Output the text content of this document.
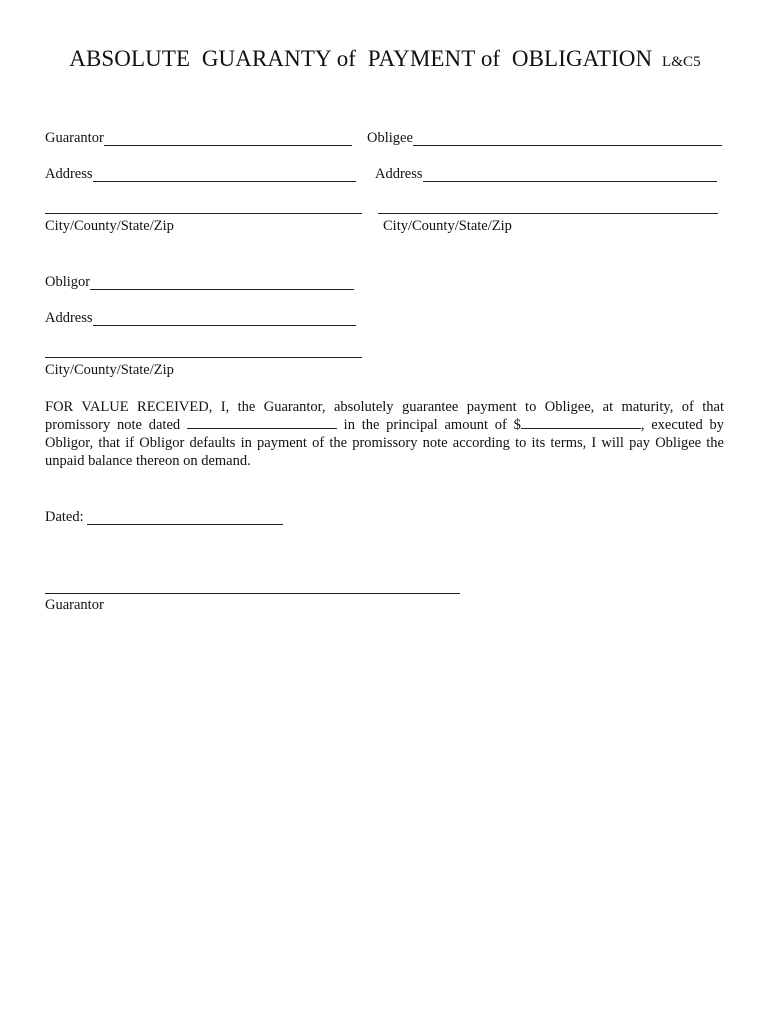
ABSOLUTE  GUARANTY of  PAYMENT of  OBLIGATION L&C5
Guarantor
Address
City/County/State/Zip
Obligee
Address
City/County/State/Zip
Obligor
Address
City/County/State/Zip
FOR VALUE RECEIVED, I, the Guarantor, absolutely guarantee payment to Obligee, at maturity, of that promissory note dated	in the principal amount of $	, executed by Obligor, that if Obligor defaults in payment of the promissory note according to its terms, I will pay Obligee the unpaid balance thereon on demand.
Dated:
Guarantor
